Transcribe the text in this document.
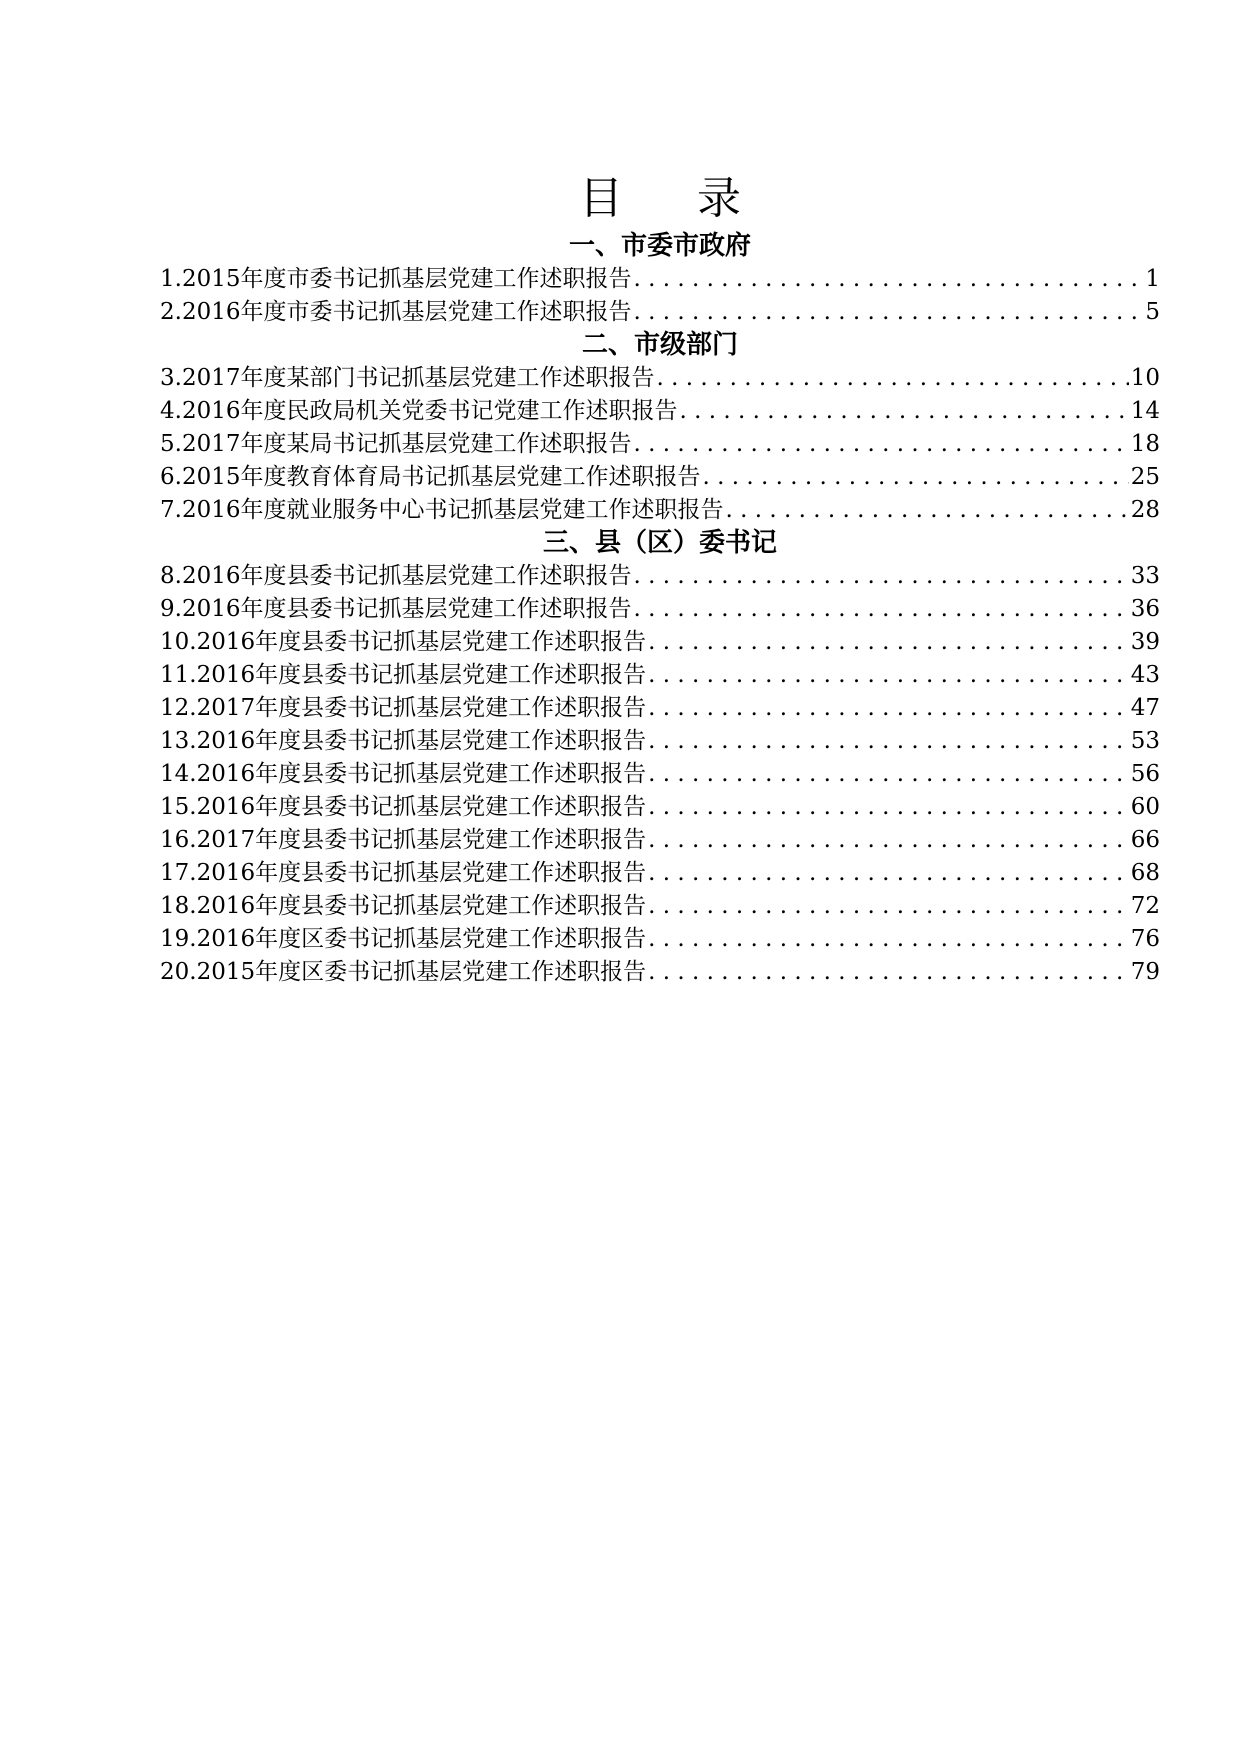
目 录
一、市委市政府
1. 2015年度市委书记抓基层党建工作述职报告 . . .	1
2. 2016年度市委书记抓基层党建工作述职报告 . . .	5
二、市级部门
3. 2017年度某部门书记抓基层党建工作述职报告 . . .	10
4. 2016年度民政局机关党委书记党建工作述职报告 . . .	14
5. 2017年度某局书记抓基层党建工作述职报告 . . .	18
6. 2015年度教育体育局书记抓基层党建工作述职报告 . . .	25
7. 2016年度就业服务中心书记抓基层党建工作述职报告 . . .	28
三、县（区）委书记
8. 2016年度县委书记抓基层党建工作述职报告 . . .	33
9. 2016年度县委书记抓基层党建工作述职报告 . . .	36
10. 2016年度县委书记抓基层党建工作述职报告 . . .	39
11. 2016年度县委书记抓基层党建工作述职报告 . . .	43
12. 2017年度县委书记抓基层党建工作述职报告 . . .	47
13. 2016年度县委书记抓基层党建工作述职报告 . . .	53
14. 2016年度县委书记抓基层党建工作述职报告 . . .	56
15. 2016年度县委书记抓基层党建工作述职报告 . . .	60
16. 2017年度县委书记抓基层党建工作述职报告 . . .	66
17. 2016年度县委书记抓基层党建工作述职报告 . . .	68
18. 2016年度县委书记抓基层党建工作述职报告 . . .	72
19. 2016年度区委书记抓基层党建工作述职报告 . . .	76
20. 2015年度区委书记抓基层党建工作述职报告 . . .	79
